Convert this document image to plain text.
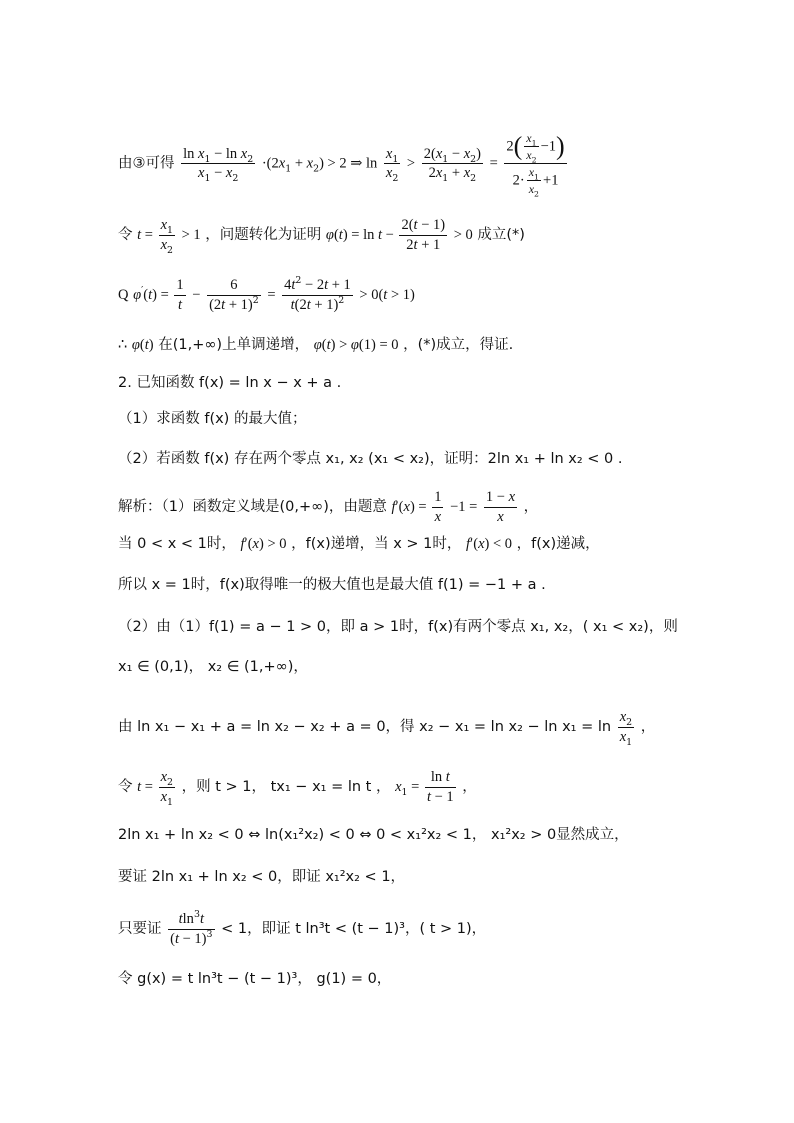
由③可得 $\frac{\ln x_1 - \ln x_2}{x_1 - x_2} \cdot(2x_1 + x_2) > 2$ ⇒ $\ln \frac{x_1}{x_2} > \frac{2(x_1 - x_2)}{2x_1 + x_2} = \frac{2( \frac{x_1}{x_2} -1)}{2\cdot \frac{x_1}{x_2} +1}$
令 $t = \frac{x_1}{x_2} > 1$ ，问题转化为证明 $\varphi(t) = \ln t - \frac{2(t - 1)}{2t + 1} > 0$ 成立(*)
Q $\varphi'(t) = \frac{1}{t} - \frac{6}{(2t + 1)^2} = \frac{4t^2 - 2t + 1}{t(2t + 1)^2} > 0(t > 1)$
∴ φ(t) 在(1,+∞)上单调递增， φ(t) > φ(1) = 0 ，(*)成立，得证.
2. 已知函数 f(x) = ln x − x + a .
（1）求函数 f(x) 的最大值；
（2）若函数 f(x) 存在两个零点 x₁, x₂ (x₁ < x₂)，证明：2ln x₁ + ln x₂ < 0 .
解析：（1）函数定义域是(0,+∞)，由题意 $f'(x) = \frac{1}{x} -1 = \frac{1 - x}{x}$ ，
当 0 < x < 1时， f′(x) > 0 ，f(x)递增，当 x > 1时， f′(x) < 0 ，f(x)递减，
所以 x = 1时，f(x)取得唯一的极大值也是最大值 f(1) = −1 + a .
（2）由（1）f(1) = a − 1 > 0，即 a > 1时，f(x)有两个零点 x₁, x₂，( x₁ < x₂)，则
x₁ ∈ (0,1)， x₂ ∈ (1,+∞)，
由 ln x₁ − x₁ + a = ln x₂ − x₂ + a = 0，得 $x_2 - x_1 = \ln x_2 - \ln x_1 = \ln \frac{x_2}{x_1}$ ，
令 $t = \frac{x_2}{x_1}$ ，则 t > 1， tx₁ − x₁ = ln t ， $x_1 = \frac{\text{ln t}}{t - 1}$ ，
2ln x₁ + ln x₂ < 0 ⇔ ln(x₁²x₂) < 0 ⇔ 0 < x₁²x₂ < 1， x₁²x₂ > 0显然成立，
要证 2ln x₁ + ln x₂ < 0，即证 x₁²x₂ < 1，
只要证 $\frac{tln^3t}{(t - 1)^3} < 1$，即证 t ln³t < (t − 1)³，( t > 1)，
令 g(x) = t ln³t − (t − 1)³， g(1) = 0，
